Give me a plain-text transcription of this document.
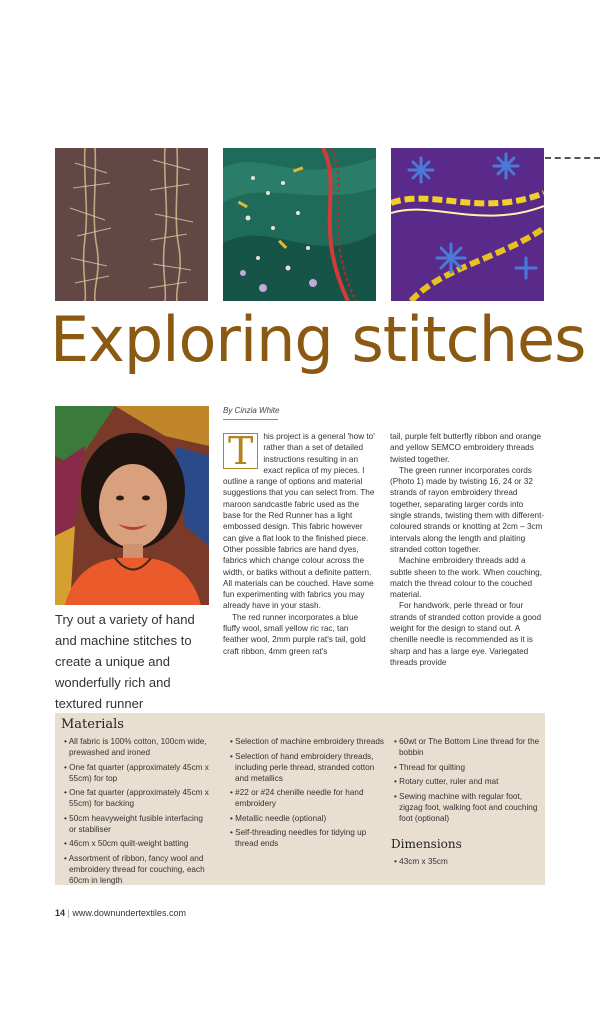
Exploring stitches

Try out a variety of hand and machine stitches to create a unique and wonderfully rich and textured runner

By Cinzia White

T	his project is a general 'how to' rather than a set of detailed instructions resulting in an exact replica of my pieces. I outline a range of options and material suggestions that you can select from. The maroon sandcastle fabric used as the base for the Red Runner has a light embossed design. This fabric however can give a flat look to the finished piece. Other possible fabrics are hand dyes, fabrics which change colour across the width, or batiks without a definite pattern. All materials can be couched. Have some fun experimenting with fabrics you may already have in your stash.

The red runner incorporates a blue fluffy wool, small yellow ric rac, tan feather wool, 2mm purple rat's tail, gold craft ribbon, 4mm green rat's

tail, purple felt butterfly ribbon and orange and yellow SEMCO embroidery threads twisted together.

The green runner incorporates cords (Photo 1) made by twisting 16, 24 or 32 strands of rayon embroidery thread together, separating larger cords into single strands, twisting them with different-coloured strands or knotting at 2cm – 3cm intervals along the length and plaiting stranded cotton together.

Machine embroidery threads add a subtle sheen to the work. When couching, match the thread colour to the couched material.

For handwork, perle thread or four strands of stranded cotton provide a good weight for the design to stand out. A chenille needle is recommended as it is sharp and has a large eye. Variegated threads provide

Materials
• All fabric is 100% cotton, 100cm wide, prewashed and ironed
• One fat quarter (approximately 45cm x 55cm) for top
• One fat quarter (approximately 45cm x 55cm) for backing
• 50cm heavyweight fusible interfacing or stabiliser
• 46cm x 50cm quilt-weight batting
• Assortment of ribbon, fancy wool and embroidery thread for couching, each 60cm in length
• Selection of machine embroidery threads
• Selection of hand embroidery threads, including perle thread, stranded cotton and metallics
• #22 or #24 chenille needle for hand embroidery
• Metallic needle (optional)
• Self-threading needles for tidying up thread ends
• 60wt or The Bottom Line thread for the bobbin
• Thread for quilting
• Rotary cutter, ruler and mat
• Sewing machine with regular foot, zigzag foot, walking foot and couching foot (optional)
Dimensions
• 43cm x 35cm
14 | www.downundertextiles.com
